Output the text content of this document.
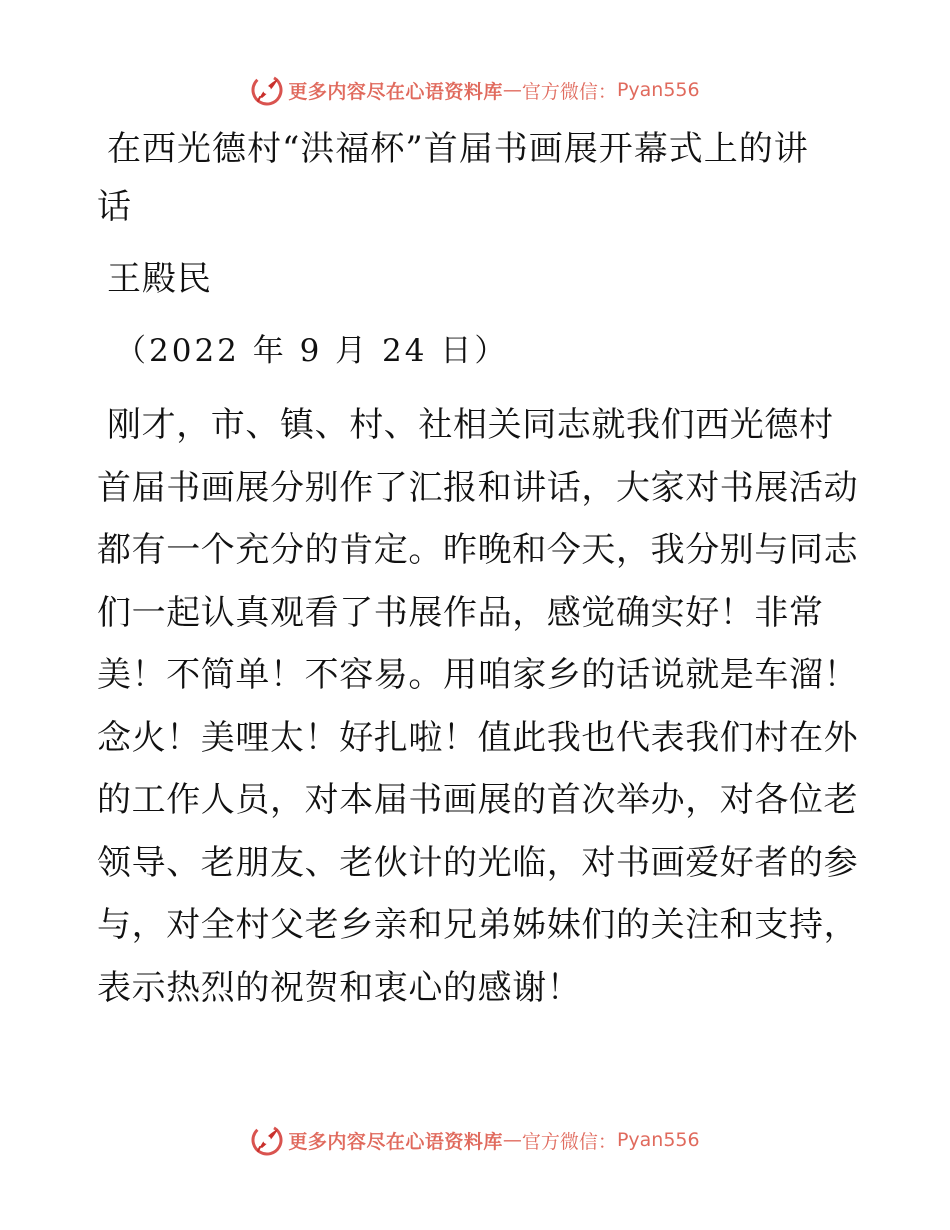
更多内容尽在心语资料库 — 官方微信： Pyan556
在西光德村“洪福杯”首届书画展开幕式上的讲
话
王殿民
（2022 年 9 月 24 日）
刚才，市、镇、村、社相关同志就我们西光德村
首届书画展分别作了汇报和讲话，大家对书展活动
都有一个充分的肯定。昨晚和今天，我分别与同志
们一起认真观看了书展作品，感觉确实好！非常
美！不简单！不容易。用咱家乡的话说就是车溜！
念火！美哩太！好扎啦！值此我也代表我们村在外
的工作人员，对本届书画展的首次举办，对各位老
领导、老朋友、老伙计的光临，对书画爱好者的参
与，对全村父老乡亲和兄弟姊妹们的关注和支持，
表示热烈的祝贺和衷心的感谢！
更多内容尽在心语资料库 — 官方微信： Pyan556
